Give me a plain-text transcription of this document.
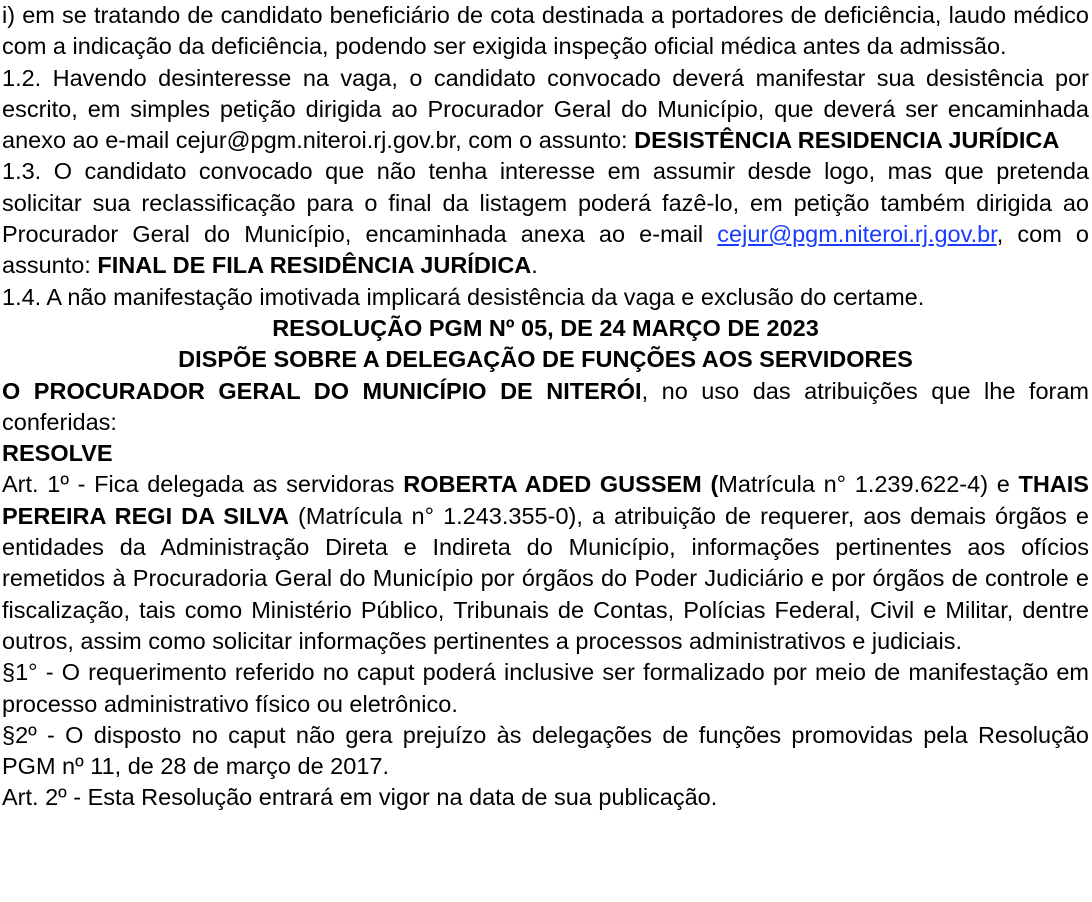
i) em se tratando de candidato beneficiário de cota destinada a portadores de deficiência, laudo médico com a indicação da deficiência, podendo ser exigida inspeção oficial médica antes da admissão.

1.2. Havendo desinteresse na vaga, o candidato convocado deverá manifestar sua desistência por escrito, em simples petição dirigida ao Procurador Geral do Município, que deverá ser encaminhada anexo ao e-mail cejur@pgm.niteroi.rj.gov.br, com o assunto: DESISTÊNCIA RESIDENCIA JURÍDICA

1.3. O candidato convocado que não tenha interesse em assumir desde logo, mas que pretenda solicitar sua reclassificação para o final da listagem poderá fazê-lo, em petição também dirigida ao Procurador Geral do Município, encaminhada anexa ao e-mail cejur@pgm.niteroi.rj.gov.br, com o assunto: FINAL DE FILA RESIDÊNCIA JURÍDICA.

1.4. A não manifestação imotivada implicará desistência da vaga e exclusão do certame.

RESOLUÇÃO PGM Nº 05, DE 24 MARÇO DE 2023

DISPÕE SOBRE A DELEGAÇÃO DE FUNÇÕES AOS SERVIDORES

O PROCURADOR GERAL DO MUNICÍPIO DE NITERÓI, no uso das atribuições que lhe foram conferidas:

RESOLVE

Art. 1º - Fica delegada as servidoras ROBERTA ADED GUSSEM (Matrícula n° 1.239.622-4) e THAIS PEREIRA REGI DA SILVA (Matrícula n° 1.243.355-0), a atribuição de requerer, aos demais órgãos e entidades da Administração Direta e Indireta do Município, informações pertinentes aos ofícios remetidos à Procuradoria Geral do Município por órgãos do Poder Judiciário e por órgãos de controle e fiscalização, tais como Ministério Público, Tribunais de Contas, Polícias Federal, Civil e Militar, dentre outros, assim como solicitar informações pertinentes a processos administrativos e judiciais.

§1° - O requerimento referido no caput poderá inclusive ser formalizado por meio de manifestação em processo administrativo físico ou eletrônico.

§2º - O disposto no caput não gera prejuízo às delegações de funções promovidas pela Resolução PGM nº 11, de 28 de março de 2017.

Art. 2º - Esta Resolução entrará em vigor na data de sua publicação.
